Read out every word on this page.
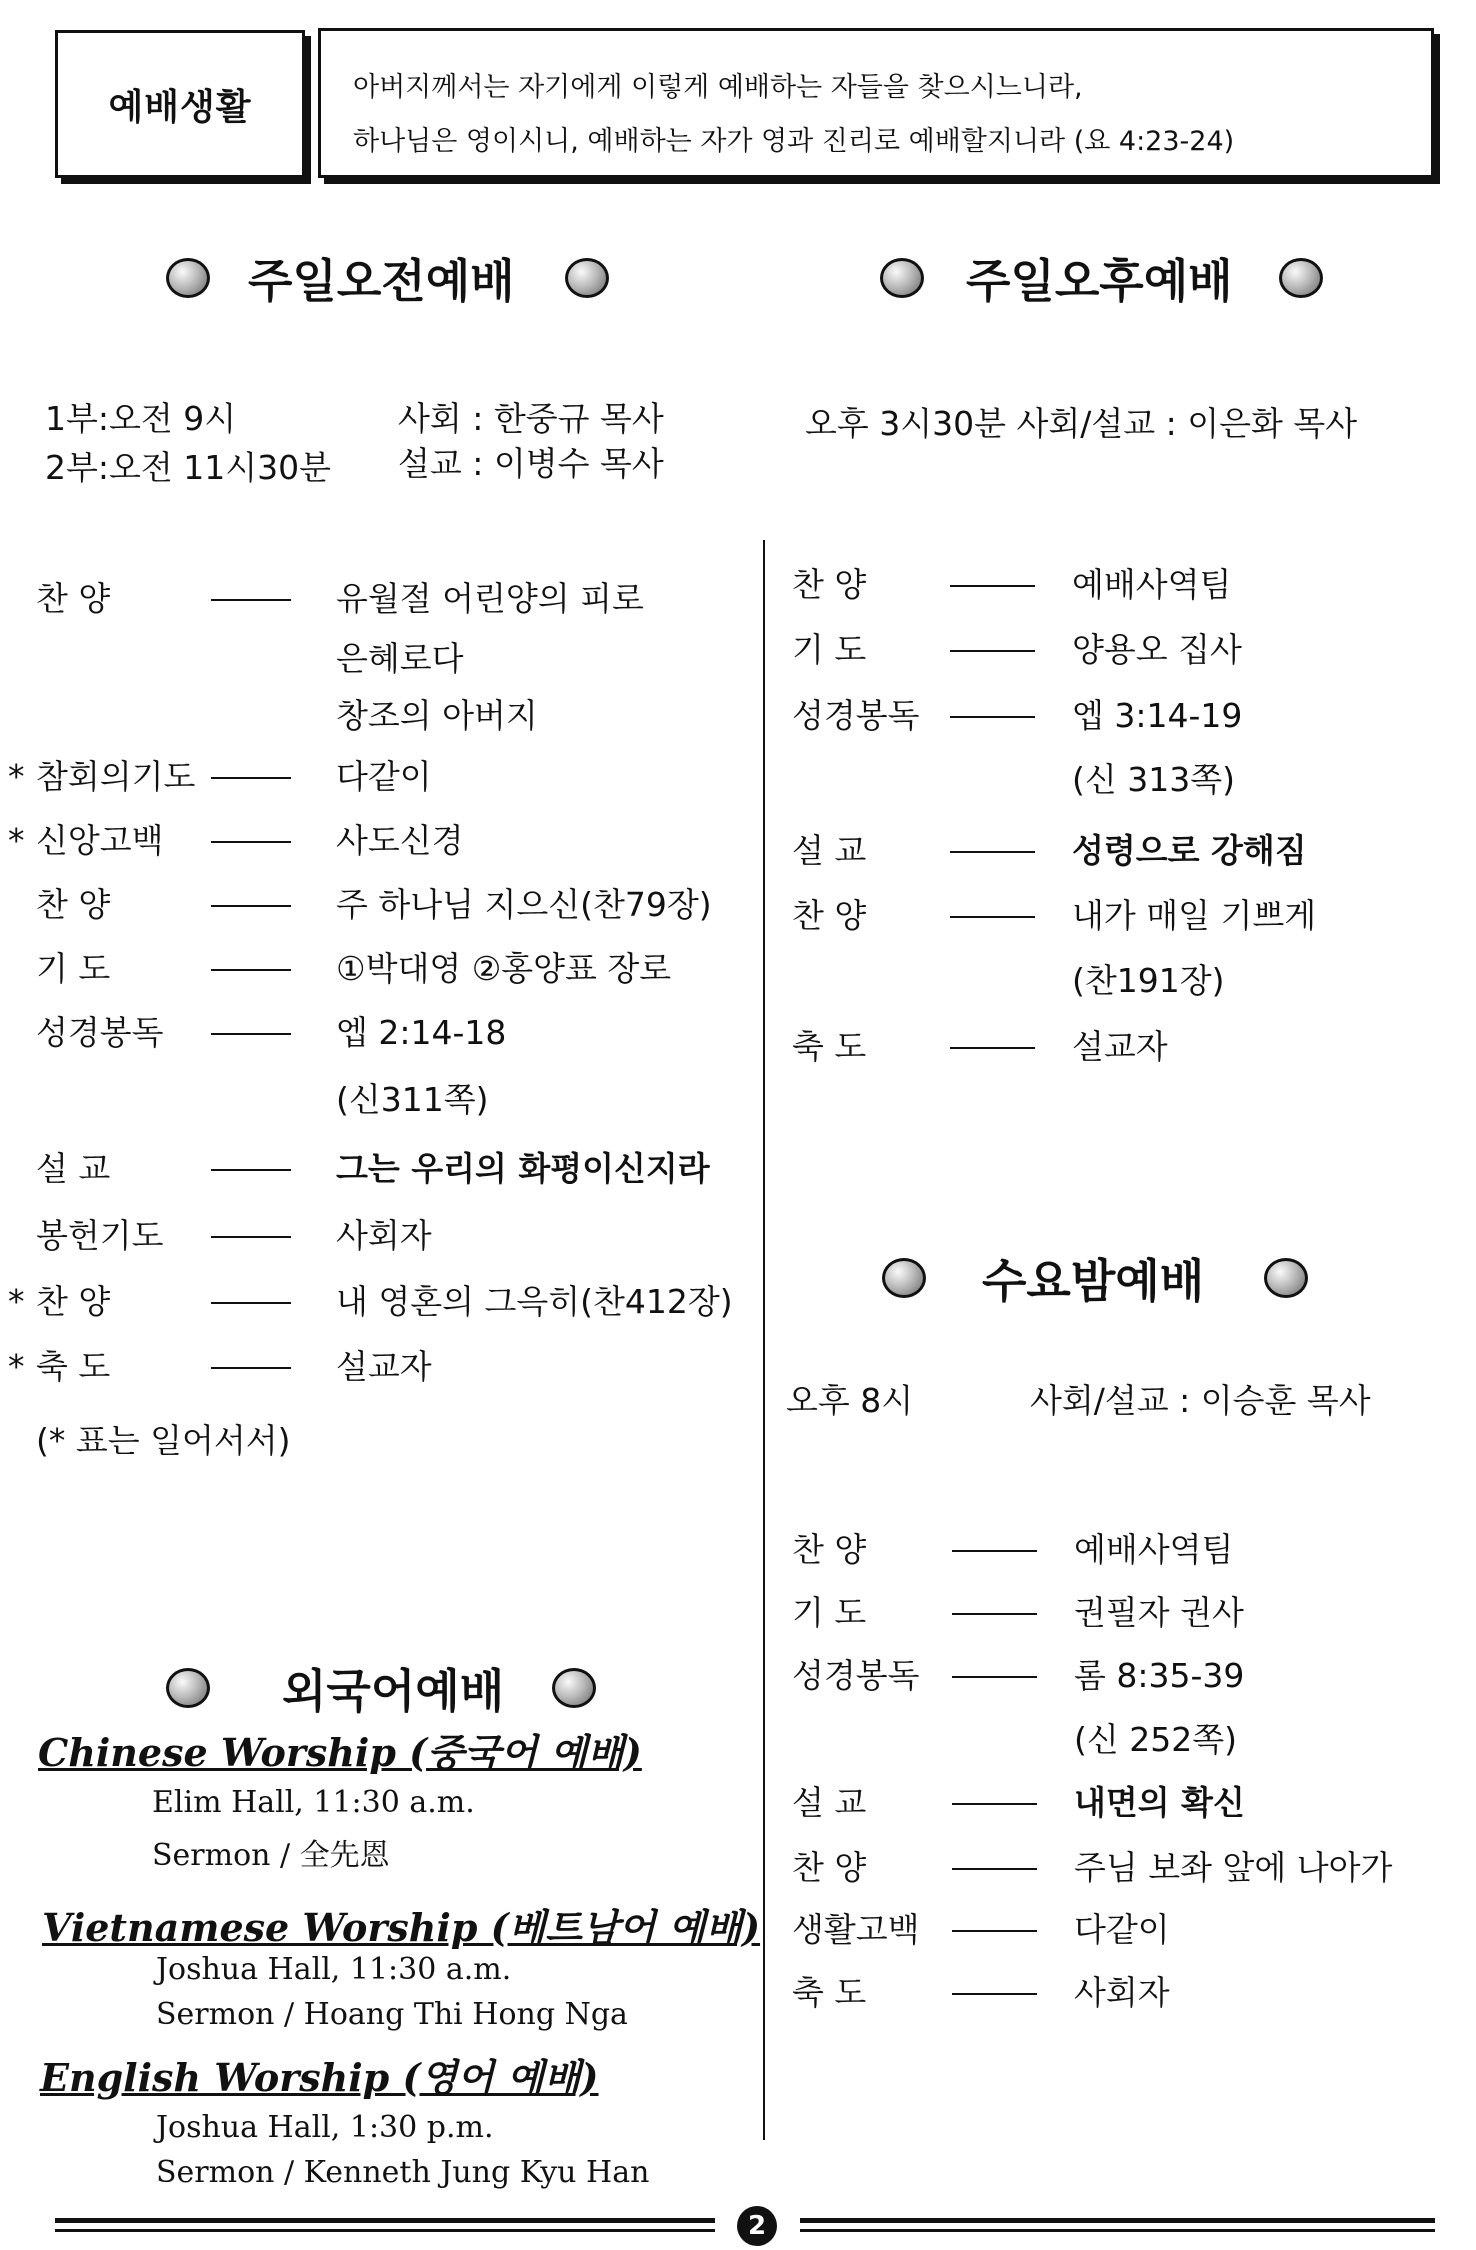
예배생활	아버지께서는 자기에게 이렇게 예배하는 자들을 찾으시느니라,
하나님은 영이시니, 예배하는 자가 영과 진리로 예배할지니라 (요 4:23-24)
주일오전예배
1부:오전 9시
2부:오전 11시30분
사회 : 한중규 목사
설교 : 이병수 목사
찬 양	유월절 어린양의 피로
은혜로다
창조의 아버지
* 참회의기도	다같이
* 신앙고백	사도신경
찬 양	주 하나님 지으신(찬79장)
기 도	①박대영 ②홍양표 장로
성경봉독	엡 2:14-18
(신311쪽)
설 교	그는 우리의 화평이신지라
봉헌기도	사회자
* 찬 양	내 영혼의 그윽히(찬412장)
* 축 도	설교자
(* 표는 일어서서)
주일오후예배
오후 3시30분 사회/설교 : 이은화 목사
찬 양	예배사역팀
기 도	양용오 집사
성경봉독	엡 3:14-19
(신 313쪽)
설 교	성령으로 강해짐
찬 양	내가 매일 기쁘게
(찬191장)
축 도	설교자
수요밤예배
오후 8시	사회/설교 : 이승훈 목사
찬 양	예배사역팀
기 도	권필자 권사
성경봉독	롬 8:35-39
(신 252쪽)
설 교	내면의 확신
찬 양	주님 보좌 앞에 나아가
생활고백	다같이
축 도	사회자
외국어예배
Chinese Worship (중국어 예배)
Elim Hall, 11:30 a.m.
Sermon / 全先恩
Vietnamese Worship (베트남어 예배)
Joshua Hall, 11:30 a.m.
Sermon / Hoang Thi Hong Nga
English Worship (영어 예배)
Joshua Hall, 1:30 p.m.
Sermon / Kenneth Jung Kyu Han
2
